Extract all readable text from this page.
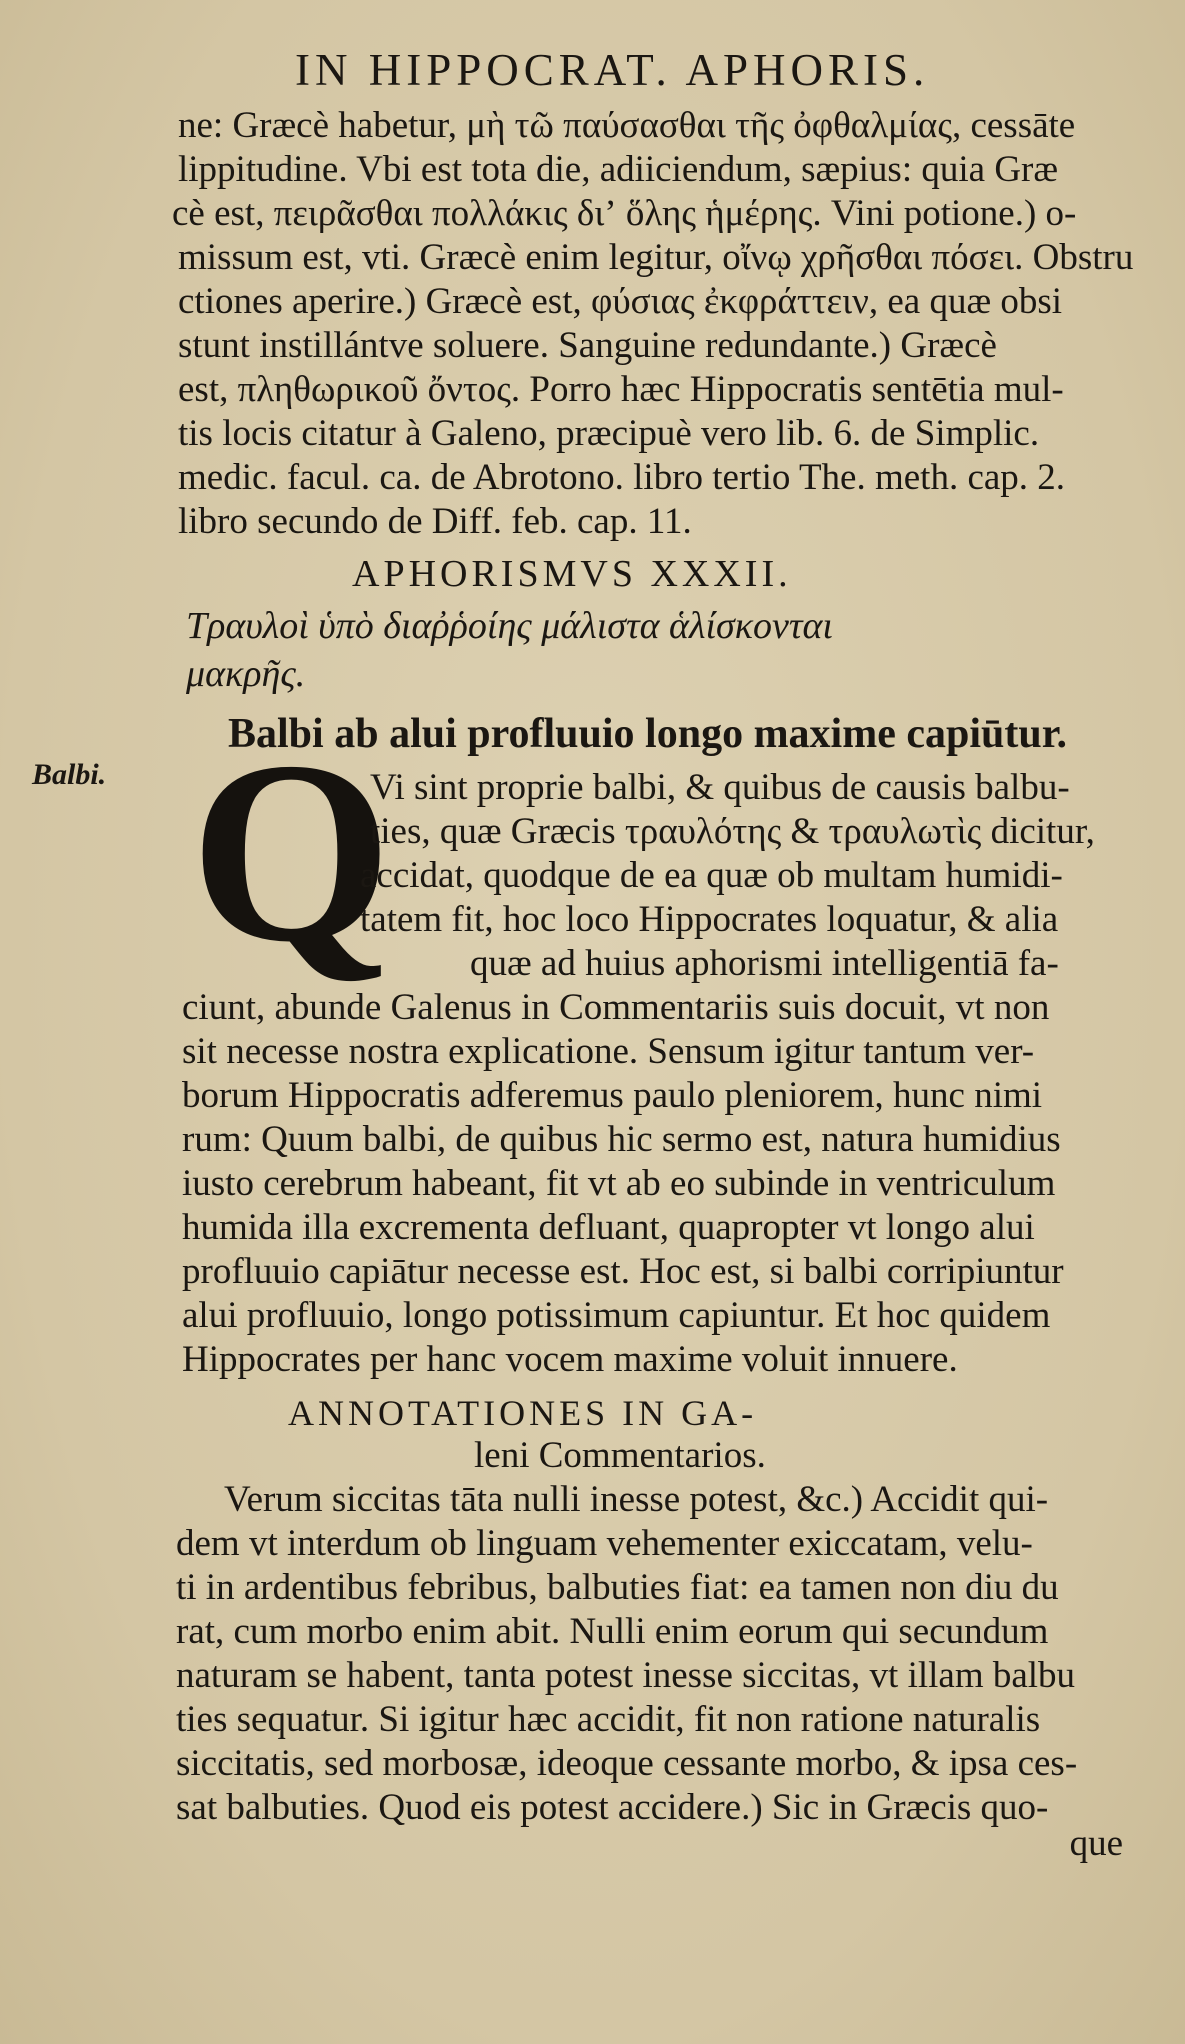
IN HIPPOCRAT. APHORIS.
ne: Græcè habetur, μὴ τῶ παύσασθαι τῆς ὀφθαλμίας, cessāte
lippitudine. Vbi est tota die, adiiciendum, sæpius: quia Græ
cè est, πειρᾶσθαι πολλάκις διʼ ὅλης ἡμέρης. Vini potione.) o-
missum est, vti. Græcè enim legitur, οἴνῳ χρῆσθαι πόσει. Obstru
ctiones aperire.) Græcè est, φύσιας ἐκφράττειν, ea quæ obsi
stunt instillántve soluere. Sanguine redundante.) Græcè
est, πληθωρικοῦ ὄντος. Porro hæc Hippocratis sentētia mul-
tis locis citatur à Galeno, præcipuè vero lib. 6. de Simplic.
medic. facul. ca. de Abrotono. libro tertio The. meth. cap. 2.
libro secundo de Diff. feb. cap. 11.
APHORISMVS XXXII.
Τραυλοὶ ὑπὸ διαῤῥοίης μάλιστα ἁλίσκονται
μακρῆς.
Balbi ab alui profluuio longo maxime capiūtur.
Balbi. Q
Vi sint proprie balbi, & quibus de causis balbu-
ties, quæ Græcis τραυλότης & τραυλωτὶς dicitur,
accidat, quodque de ea quæ ob multam humidi-
tatem fit, hoc loco Hippocrates loquatur, & alia
quæ ad huius aphorismi intelligentiā fa-
ciunt, abunde Galenus in Commentariis suis docuit, vt non
sit necesse nostra explicatione. Sensum igitur tantum ver-
borum Hippocratis adferemus paulo pleniorem, hunc nimi
rum: Quum balbi, de quibus hic sermo est, natura humidius
iusto cerebrum habeant, fit vt ab eo subinde in ventriculum
humida illa excrementa defluant, quapropter vt longo alui
profluuio capiātur necesse est. Hoc est, si balbi corripiuntur
alui profluuio, longo potissimum capiuntur. Et hoc quidem
Hippocrates per hanc vocem maxime voluit innuere.
ANNOTATIONES IN GA-
leni Commentarios.
Verum siccitas tāta nulli inesse potest, &c.) Accidit qui-
dem vt interdum ob linguam vehementer exiccatam, velu-
ti in ardentibus febribus, balbuties fiat: ea tamen non diu du
rat, cum morbo enim abit. Nulli enim eorum qui secundum
naturam se habent, tanta potest inesse siccitas, vt illam balbu
ties sequatur. Si igitur hæc accidit, fit non ratione naturalis
siccitatis, sed morbosæ, ideoque cessante morbo, & ipsa ces-
sat balbuties. Quod eis potest accidere.) Sic in Græcis quo-
que
